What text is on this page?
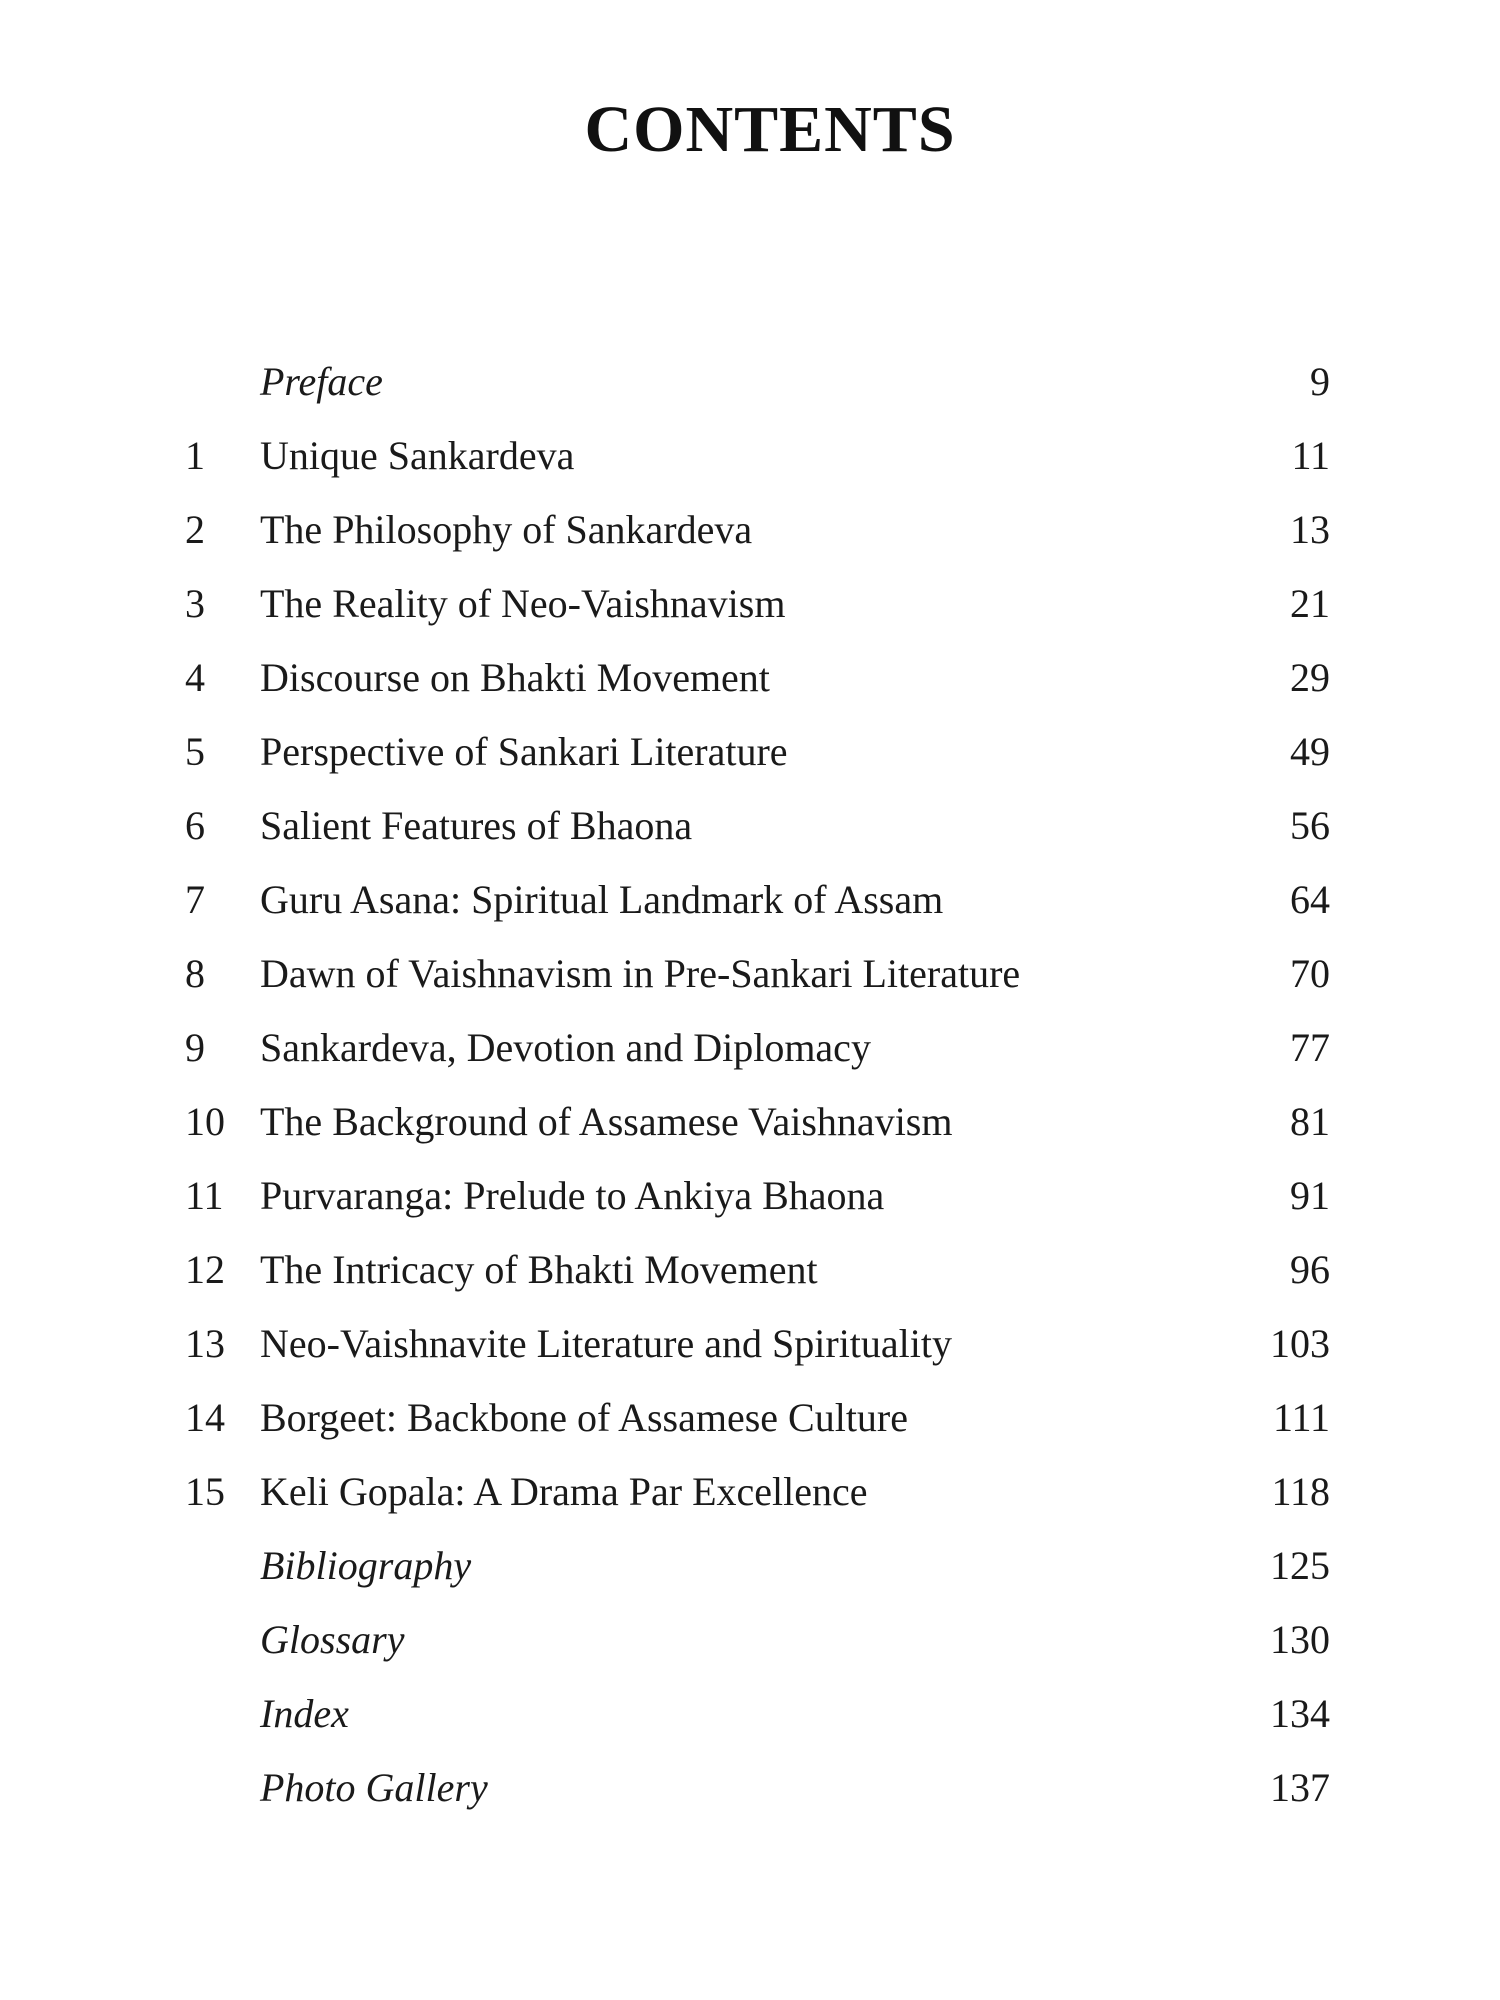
CONTENTS
Preface	9
1	Unique Sankardeva	11
2	The Philosophy of Sankardeva	13
3	The Reality of Neo-Vaishnavism	21
4	Discourse on Bhakti Movement	29
5	Perspective of Sankari Literature	49
6	Salient Features of Bhaona	56
7	Guru Asana: Spiritual Landmark of Assam	64
8	Dawn of Vaishnavism in Pre-Sankari Literature	70
9	Sankardeva, Devotion and Diplomacy	77
10 The Background of Assamese Vaishnavism	81
11 Purvaranga: Prelude to Ankiya Bhaona	91
12 The Intricacy of Bhakti Movement	96
13 Neo-Vaishnavite Literature and Spirituality	103
14 Borgeet: Backbone of Assamese Culture	111
15 Keli Gopala: A Drama Par Excellence	118
Bibliography	125
Glossary	130
Index	134
Photo Gallery	137
